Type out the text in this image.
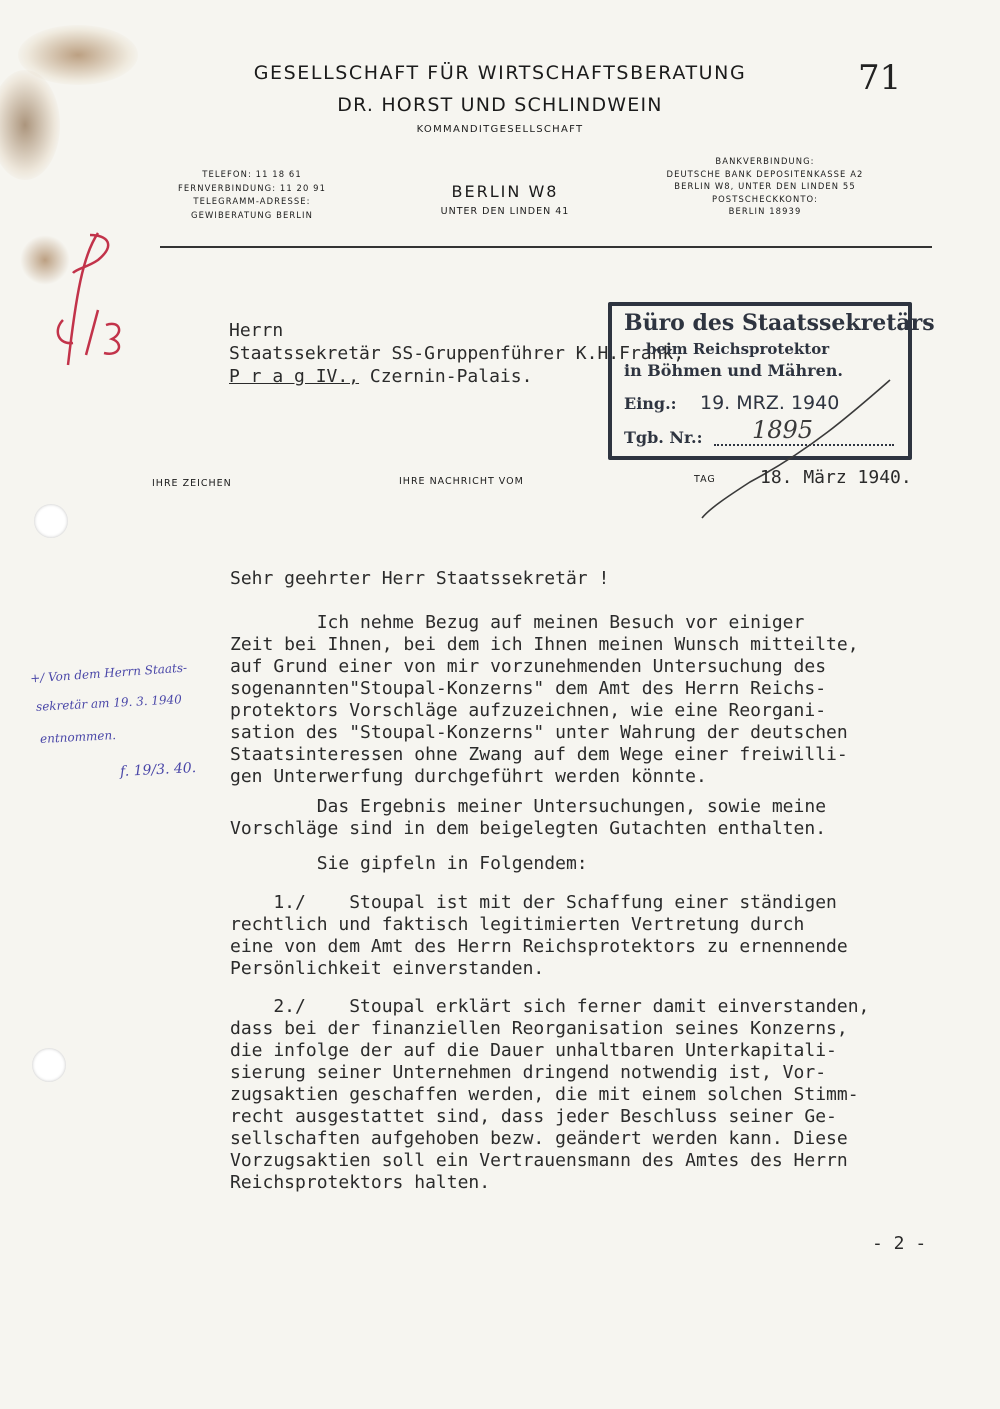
71
GESELLSCHAFT FÜR WIRTSCHAFTSBERATUNG
DR. HORST UND SCHLINDWEIN
KOMMANDITGESELLSCHAFT
TELEFON: 11 18 61
FERNVERBINDUNG: 11 20 91
TELEGRAMM-ADRESSE:
GEWIBERATUNG BERLIN
BERLIN W8
UNTER DEN LINDEN 41
BANKVERBINDUNG:
DEUTSCHE BANK DEPOSITENKASSE A2
BERLIN W8, UNTER DEN LINDEN 55
POSTSCHECKKONTO:
BERLIN 18939
Herrn
Staatssekretär SS-Gruppenführer K.H.Frank,
P r a g IV., Czernin-Palais.
Büro des Staatssekretärs
beim Reichsprotektor
in Böhmen und Mähren.
Eing.: 19. MRZ. 1940
Tgb. Nr.: 1895
IHRE ZEICHEN	IHRE NACHRICHT VOM	TAG 18. März 1940.
Sehr geehrter Herr Staatssekretär !
Ich nehme Bezug auf meinen Besuch vor einiger
Zeit bei Ihnen, bei dem ich Ihnen meinen Wunsch mitteilte,
auf Grund einer von mir vorzunehmenden Untersuchung des
sogenannten"Stoupal-Konzerns" dem Amt des Herrn Reichs-
protektors Vorschläge aufzuzeichnen, wie eine Reorgani-
sation des "Stoupal-Konzerns" unter Wahrung der deutschen
Staatsinteressen ohne Zwang auf dem Wege einer freiwilli-
gen Unterwerfung durchgeführt werden könnte.
Das Ergebnis meiner Untersuchungen, sowie meine
Vorschläge sind in dem beigelegten Gutachten enthalten.
Sie gipfeln in Folgendem:
1./    Stoupal ist mit der Schaffung einer ständigen
rechtlich und faktisch legitimierten Vertretung durch
eine von dem Amt des Herrn Reichsprotektors zu ernennende
Persönlichkeit einverstanden.
2./    Stoupal erklärt sich ferner damit einverstanden,
dass bei der finanziellen Reorganisation seines Konzerns,
die infolge der auf die Dauer unhaltbaren Unterkapitali-
sierung seiner Unternehmen dringend notwendig ist, Vor-
zugsaktien geschaffen werden, die mit einem solchen Stimm-
recht ausgestattet sind, dass jeder Beschluss seiner Ge-
sellschaften aufgehoben bezw. geändert werden kann. Diese
Vorzugsaktien soll ein Vertrauensmann des Amtes des Herrn
Reichsprotektors halten.
+/ Von dem Herrn Staats-
sekretär am 19. 3. 1940
entnommen.
f. 19/3. 40.
- 2 -
